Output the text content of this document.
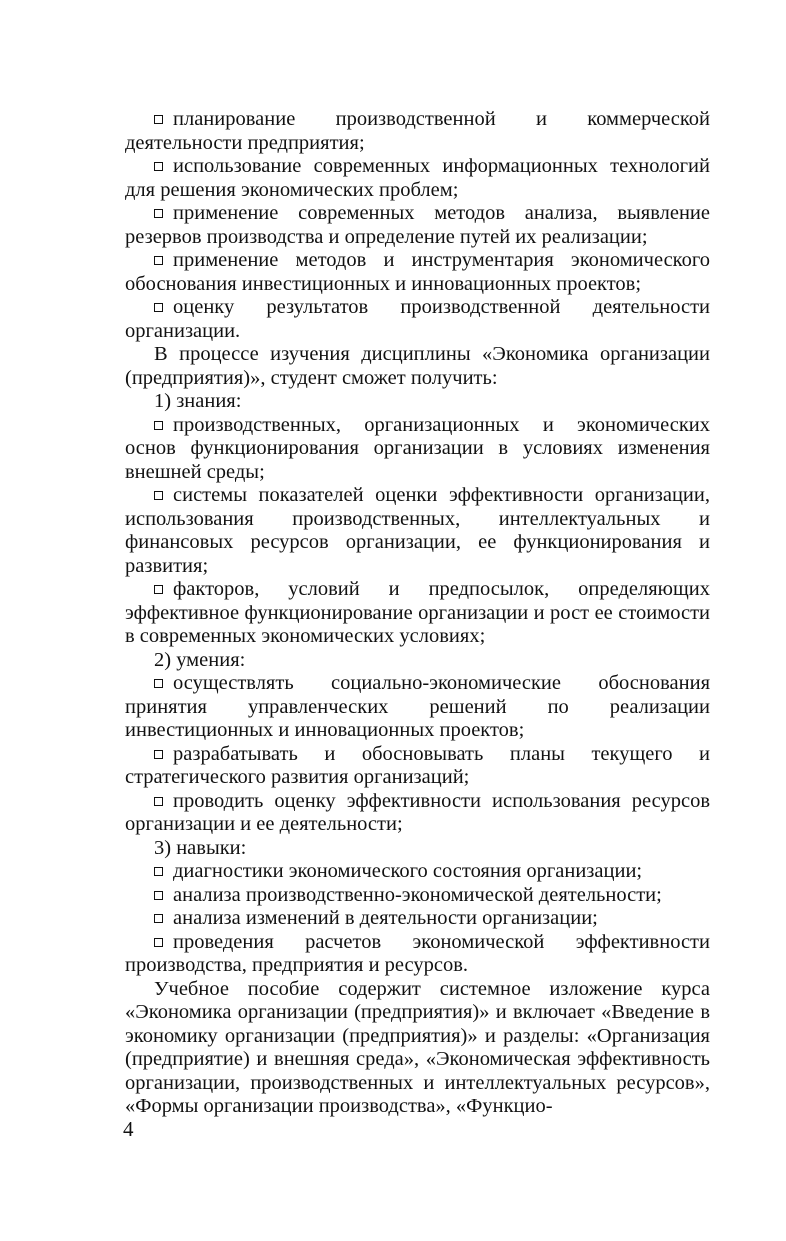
планирование производственной и коммерческой деятельности предприятия;

использование современных информационных технологий для решения экономических проблем;

применение современных методов анализа, выявление резервов производства и определение путей их реализации;

применение методов и инструментария экономического обоснования инвестиционных и инновационных проектов;

оценку результатов производственной деятельности организации.

В процессе изучения дисциплины «Экономика организации (предприятия)», студент сможет получить:

1) знания:

производственных, организационных и экономических основ функционирования организации в условиях изменения внешней среды;

системы показателей оценки эффективности организации, использования производственных, интеллектуальных и финансовых ресурсов организации, ее функционирования и развития;

факторов, условий и предпосылок, определяющих эффективное функционирование организации и рост ее стоимости в современных экономических условиях;

2) умения:

осуществлять социально-экономические обоснования принятия управленческих решений по реализации инвестиционных и инновационных проектов;

разрабатывать и обосновывать планы текущего и стратегического развития организаций;

проводить оценку эффективности использования ресурсов организации и ее деятельности;

3) навыки:

диагностики экономического состояния организации;

анализа производственно-экономической деятельности;

анализа изменений в деятельности организации;

проведения расчетов экономической эффективности производства, предприятия и ресурсов.

Учебное пособие содержит системное изложение курса «Экономика организации (предприятия)» и включает «Введение в экономику организации (предприятия)» и разделы: «Организация (предприятие) и внешняя среда», «Экономическая эффективность организации, производственных и интеллектуальных ресурсов», «Формы организации производства», «Функцио-

4
